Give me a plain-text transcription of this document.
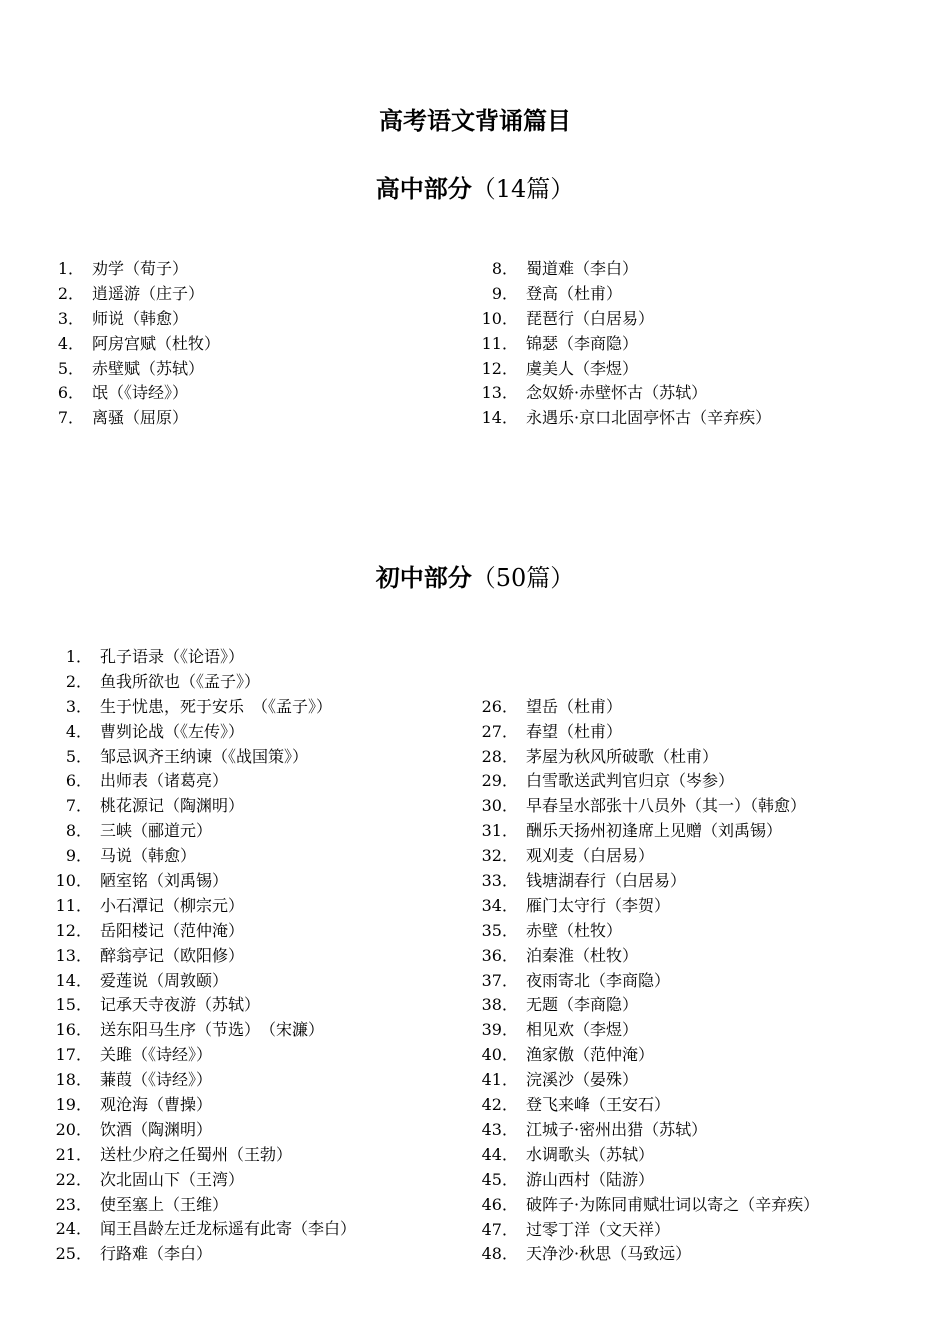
高考语文背诵篇目
高中部分（14篇）
1． 劝学（荀子）
2． 逍遥游（庄子）
3． 师说（韩愈）
4． 阿房宫赋（杜牧）
5． 赤壁赋（苏轼）
6． 氓（《诗经》）
7． 离骚（屈原）
8． 蜀道难（李白）
9． 登高（杜甫）
10． 琵琶行（白居易）
11． 锦瑟（李商隐）
12． 虞美人（李煜）
13． 念奴娇·赤壁怀古（苏轼）
14． 永遇乐·京口北固亭怀古（辛弃疾）
初中部分（50篇）
1． 孔子语录（《论语》）
2． 鱼我所欲也（《孟子》）
3． 生于忧患，死于安乐　（《孟子》）
4． 曹刿论战（《左传》）
5． 邹忌讽齐王纳谏（《战国策》）
6． 出师表（诸葛亮）
7． 桃花源记（陶渊明）
8． 三峡（郦道元）
9． 马说（韩愈）
10． 陋室铭（刘禹锡）
11． 小石潭记（柳宗元）
12． 岳阳楼记（范仲淹）
13． 醉翁亭记（欧阳修）
14． 爱莲说（周敦颐）
15． 记承天寺夜游（苏轼）
16． 送东阳马生序（节选）　（宋濂）
17． 关雎（《诗经》）
18． 蒹葭（《诗经》）
19． 观沧海（曹操）
20． 饮酒（陶渊明）
21． 送杜少府之任蜀州（王勃）
22． 次北固山下（王湾）
23． 使至塞上（王维）
24． 闻王昌龄左迁龙标遥有此寄（李白）
25． 行路难（李白）
26． 望岳（杜甫）
27． 春望（杜甫）
28． 茅屋为秋风所破歌（杜甫）
29． 白雪歌送武判官归京（岑参）
30． 早春呈水部张十八员外（其一）（韩愈）
31． 酬乐天扬州初逢席上见赠（刘禹锡）
32． 观刈麦（白居易）
33． 钱塘湖春行（白居易）
34． 雁门太守行（李贺）
35． 赤壁（杜牧）
36． 泊秦淮（杜牧）
37． 夜雨寄北（李商隐）
38． 无题（李商隐）
39． 相见欢（李煜）
40． 渔家傲（范仲淹）
41． 浣溪沙（晏殊）
42． 登飞来峰（王安石）
43． 江城子·密州出猎（苏轼）
44． 水调歌头（苏轼）
45． 游山西村（陆游）
46． 破阵子·为陈同甫赋壮词以寄之（辛弃疾）
47． 过零丁洋（文天祥）
48． 天净沙·秋思（马致远）
